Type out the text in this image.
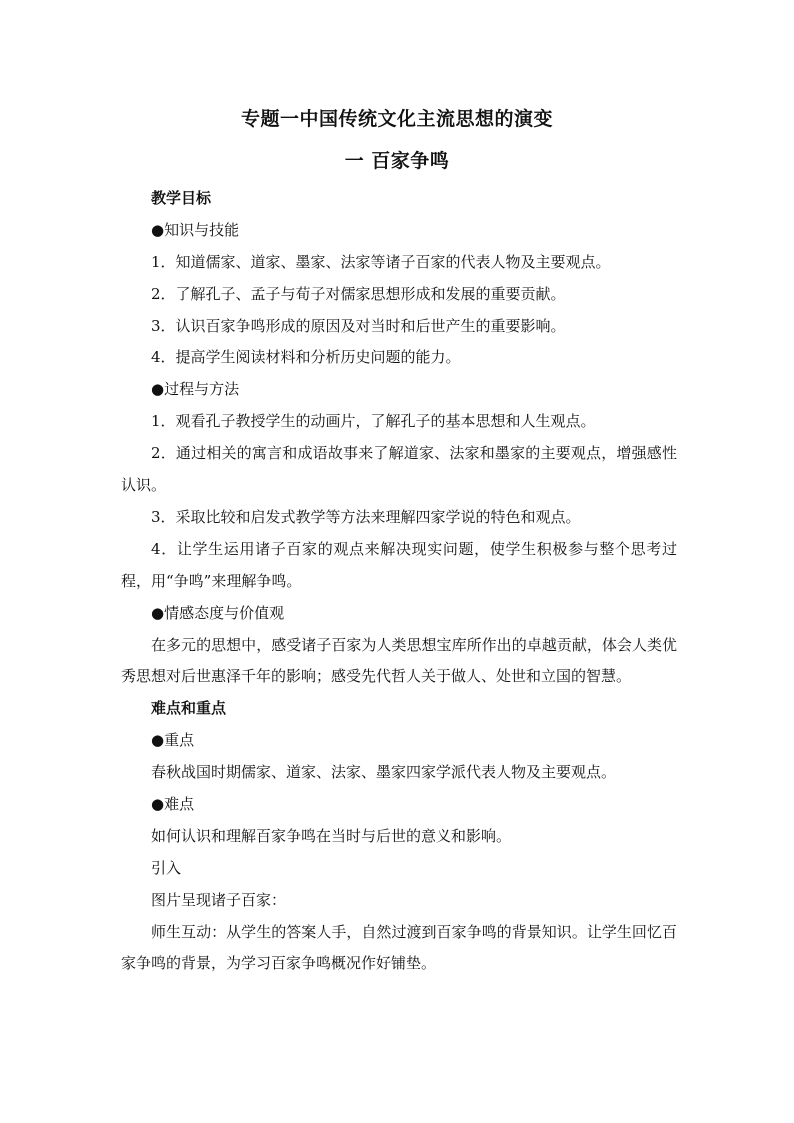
专题一中国传统文化主流思想的演变
一 百家争鸣
教学目标
●知识与技能
1．知道儒家、道家、墨家、法家等诸子百家的代表人物及主要观点。
2．了解孔子、孟子与荀子对儒家思想形成和发展的重要贡献。
3．认识百家争鸣形成的原因及对当时和后世产生的重要影响。
4．提高学生阅读材料和分析历史问题的能力。
●过程与方法
1．观看孔子教授学生的动画片，了解孔子的基本思想和人生观点。
2．通过相关的寓言和成语故事来了解道家、法家和墨家的主要观点，增强感性认识。
3．采取比较和启发式教学等方法来理解四家学说的特色和观点。
4．让学生运用诸子百家的观点来解决现实问题，使学生积极参与整个思考过程，用“争鸣”来理解争鸣。
●情感态度与价值观
在多元的思想中，感受诸子百家为人类思想宝库所作出的卓越贡献，体会人类优秀思想对后世惠泽千年的影响；感受先代哲人关于做人、处世和立国的智慧。
难点和重点
●重点
春秋战国时期儒家、道家、法家、墨家四家学派代表人物及主要观点。
●难点
如何认识和理解百家争鸣在当时与后世的意义和影响。
引入
图片呈现诸子百家：
师生互动：从学生的答案人手，自然过渡到百家争鸣的背景知识。让学生回忆百家争鸣的背景，为学习百家争鸣概况作好铺垫。
